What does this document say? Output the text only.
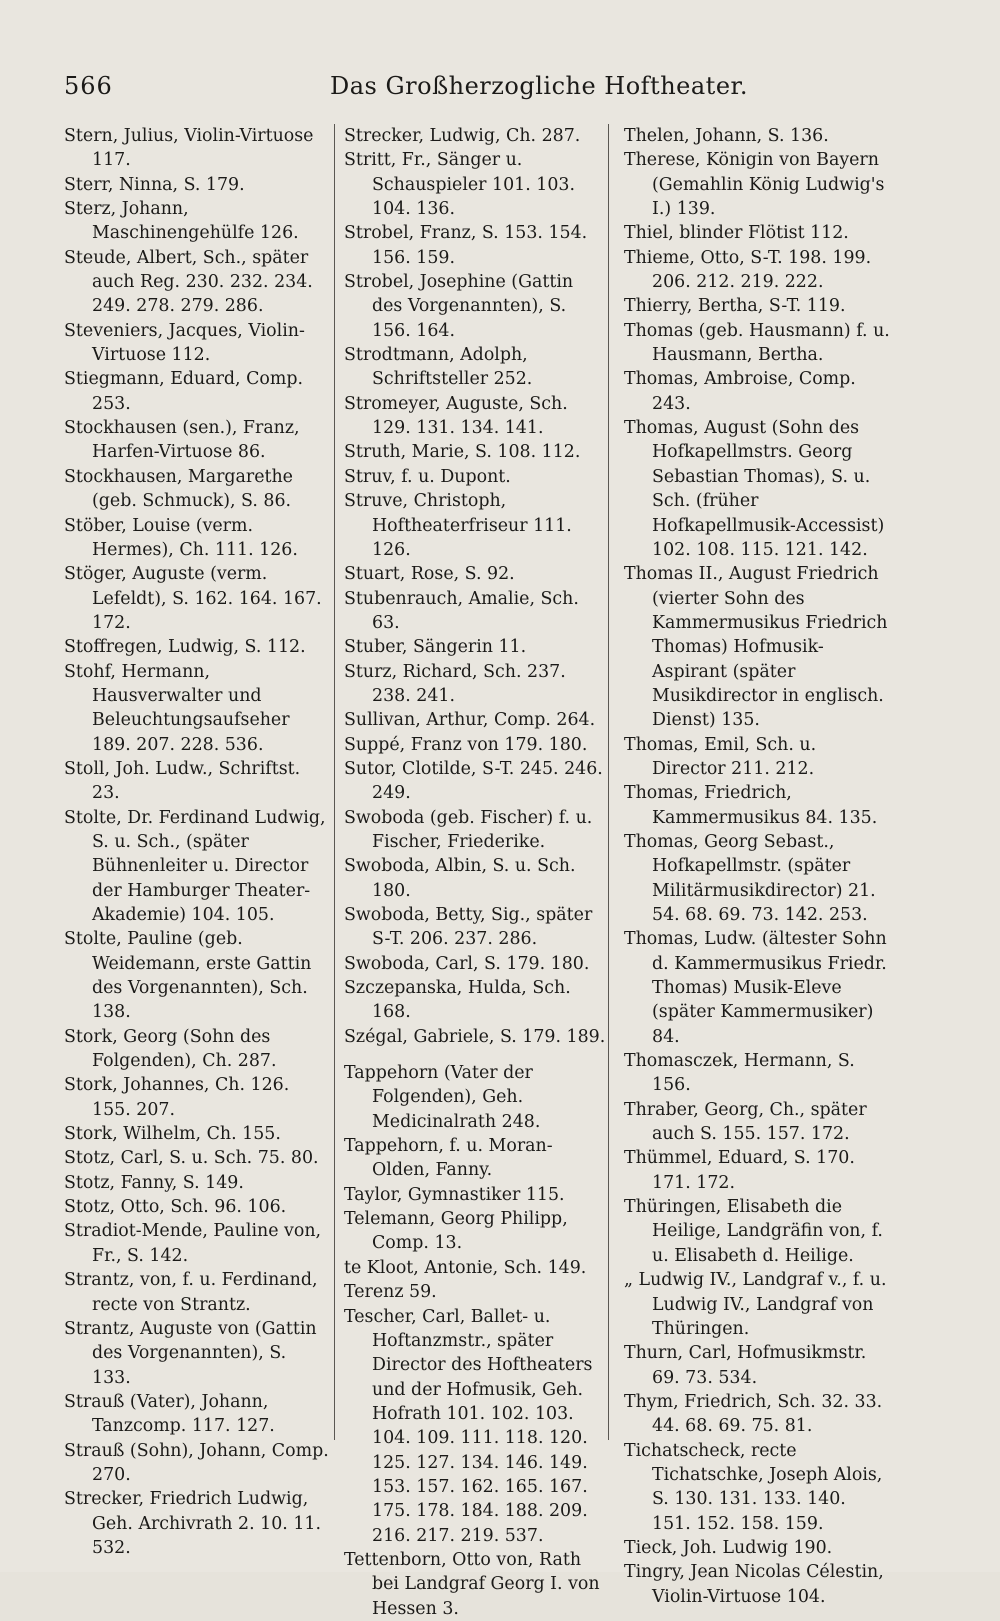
566	Das Großherzogliche Hoftheater.

Stern, Julius, Violin-Virtuose 117.

Sterr, Ninna, S. 179.

Sterz, Johann, Maschinengehülfe 126.

Steude, Albert, Sch., später auch Reg. 230. 232. 234. 249. 278. 279. 286.

Steveniers, Jacques, Violin-Virtuose 112.

Stiegmann, Eduard, Comp. 253.

Stockhausen (sen.), Franz, Harfen-Virtuose 86.

Stockhausen, Margarethe (geb. Schmuck), S. 86.

Stöber, Louise (verm. Hermes), Ch. 111. 126.

Stöger, Auguste (verm. Lefeldt), S. 162. 164. 167. 172.

Stoffregen, Ludwig, S. 112.

Stohf, Hermann, Hausverwalter und Beleuchtungsaufseher 189. 207. 228. 536.

Stoll, Joh. Ludw., Schriftst. 23.

Stolte, Dr. Ferdinand Ludwig, S. u. Sch., (später Bühnenleiter u. Director der Hamburger Theater-Akademie) 104. 105.

Stolte, Pauline (geb. Weidemann, erste Gattin des Vorgenannten), Sch. 138.

Stork, Georg (Sohn des Folgenden), Ch. 287.

Stork, Johannes, Ch. 126. 155. 207.

Stork, Wilhelm, Ch. 155.

Stotz, Carl, S. u. Sch. 75. 80.

Stotz, Fanny, S. 149.

Stotz, Otto, Sch. 96. 106.

Stradiot-Mende, Pauline von, Fr., S. 142.

Strantz, von, f. u. Ferdinand, recte von Strantz.

Strantz, Auguste von (Gattin des Vorgenannten), S. 133.

Strauß (Vater), Johann, Tanzcomp. 117. 127.

Strauß (Sohn), Johann, Comp. 270.

Strecker, Friedrich Ludwig, Geh. Archivrath 2. 10. 11. 532.

Strecker, Ludwig, Ch. 287.

Stritt, Fr., Sänger u. Schauspieler 101. 103. 104. 136.

Strobel, Franz, S. 153. 154. 156. 159.

Strobel, Josephine (Gattin des Vorgenannten), S. 156. 164.

Strodtmann, Adolph, Schriftsteller 252.

Stromeyer, Auguste, Sch. 129. 131. 134. 141.

Struth, Marie, S. 108. 112.

Struv, f. u. Dupont.

Struve, Christoph, Hoftheaterfriseur 111. 126.

Stuart, Rose, S. 92.

Stubenrauch, Amalie, Sch. 63.

Stuber, Sängerin 11.

Sturz, Richard, Sch. 237. 238. 241.

Sullivan, Arthur, Comp. 264.

Suppé, Franz von 179. 180.

Sutor, Clotilde, S-T. 245. 246. 249.

Swoboda (geb. Fischer) f. u. Fischer, Friederike.

Swoboda, Albin, S. u. Sch. 180.

Swoboda, Betty, Sig., später S-T. 206. 237. 286.

Swoboda, Carl, S. 179. 180.

Szczepanska, Hulda, Sch. 168.

Szégal, Gabriele, S. 179. 189.

Tappehorn (Vater der Folgenden), Geh. Medicinalrath 248.

Tappehorn, f. u. Moran-Olden, Fanny.

Taylor, Gymnastiker 115.

Telemann, Georg Philipp, Comp. 13.

te Kloot, Antonie, Sch. 149.

Terenz 59.

Tescher, Carl, Ballet- u. Hoftanzmstr., später Director des Hoftheaters und der Hofmusik, Geh. Hofrath 101. 102. 103. 104. 109. 111. 118. 120. 125. 127. 134. 146. 149. 153. 157. 162. 165. 167. 175. 178. 184. 188. 209. 216. 217. 219. 537.

Tettenborn, Otto von, Rath bei Landgraf Georg I. von Hessen 3.

Thelen, Johann, S. 136.

Therese, Königin von Bayern (Gemahlin König Ludwig's I.) 139.

Thiel, blinder Flötist 112.

Thieme, Otto, S-T. 198. 199. 206. 212. 219. 222.

Thierry, Bertha, S-T. 119.

Thomas (geb. Hausmann) f. u. Hausmann, Bertha.

Thomas, Ambroise, Comp. 243.

Thomas, August (Sohn des Hofkapellmstrs. Georg Sebastian Thomas), S. u. Sch. (früher Hofkapellmusik-Accessist) 102. 108. 115. 121. 142.

Thomas II., August Friedrich (vierter Sohn des Kammermusikus Friedrich Thomas) Hofmusik-Aspirant (später Musikdirector in englisch. Dienst) 135.

Thomas, Emil, Sch. u. Director 211. 212.

Thomas, Friedrich, Kammermusikus 84. 135.

Thomas, Georg Sebast., Hofkapellmstr. (später Militärmusikdirector) 21. 54. 68. 69. 73. 142. 253.

Thomas, Ludw. (ältester Sohn d. Kammermusikus Friedr. Thomas) Musik-Eleve (später Kammermusiker) 84.

Thomasczek, Hermann, S. 156.

Thraber, Georg, Ch., später auch S. 155. 157. 172.

Thümmel, Eduard, S. 170. 171. 172.

Thüringen, Elisabeth die Heilige, Landgräfin von, f. u. Elisabeth d. Heilige.

„ Ludwig IV., Landgraf v., f. u. Ludwig IV., Landgraf von Thüringen.

Thurn, Carl, Hofmusikmstr. 69. 73. 534.

Thym, Friedrich, Sch. 32. 33. 44. 68. 69. 75. 81.

Tichatscheck, recte Tichatschke, Joseph Alois, S. 130. 131. 133. 140. 151. 152. 158. 159.

Tieck, Joh. Ludwig 190.

Tingry, Jean Nicolas Célestin, Violin-Virtuose 104.
